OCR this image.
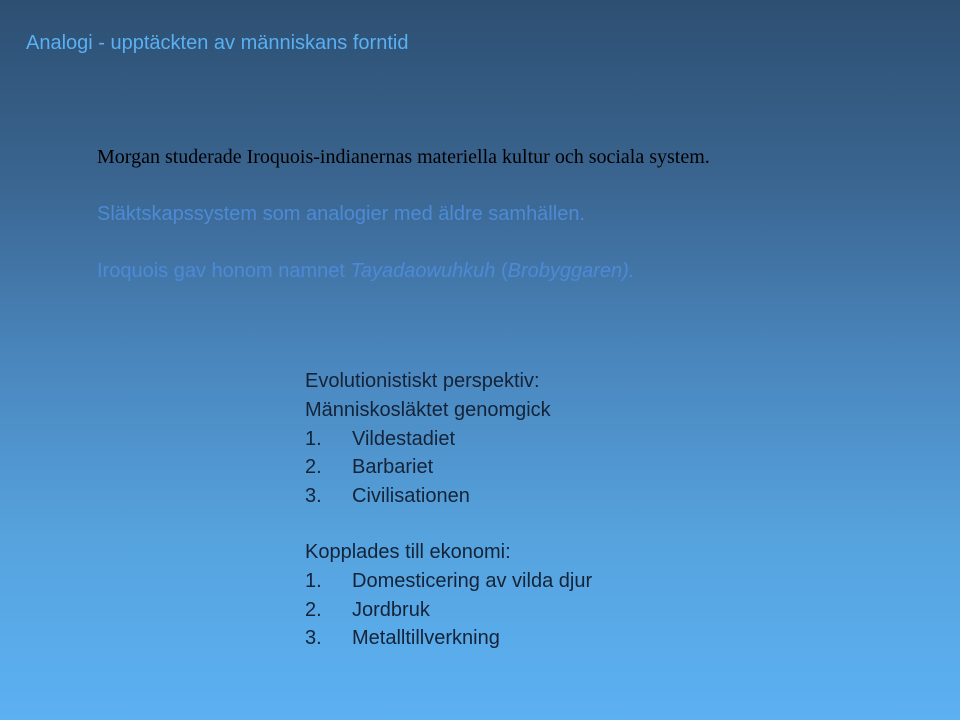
Analogi - upptäckten av människans forntid
Morgan studerade Iroquois-indianernas materiella kultur och sociala system.
Släktskapssystem som analogier med äldre samhällen.
Iroquois gav honom namnet Tayadaowuhkuh (Brobyggaren).
Evolutionistiskt perspektiv:
Människosläktet genomgick
1. Vildestadiet
2. Barbariet
3. Civilisationen
Kopplades till ekonomi:
1. Domesticering av vilda djur
2. Jordbruk
3. Metalltillverkning
